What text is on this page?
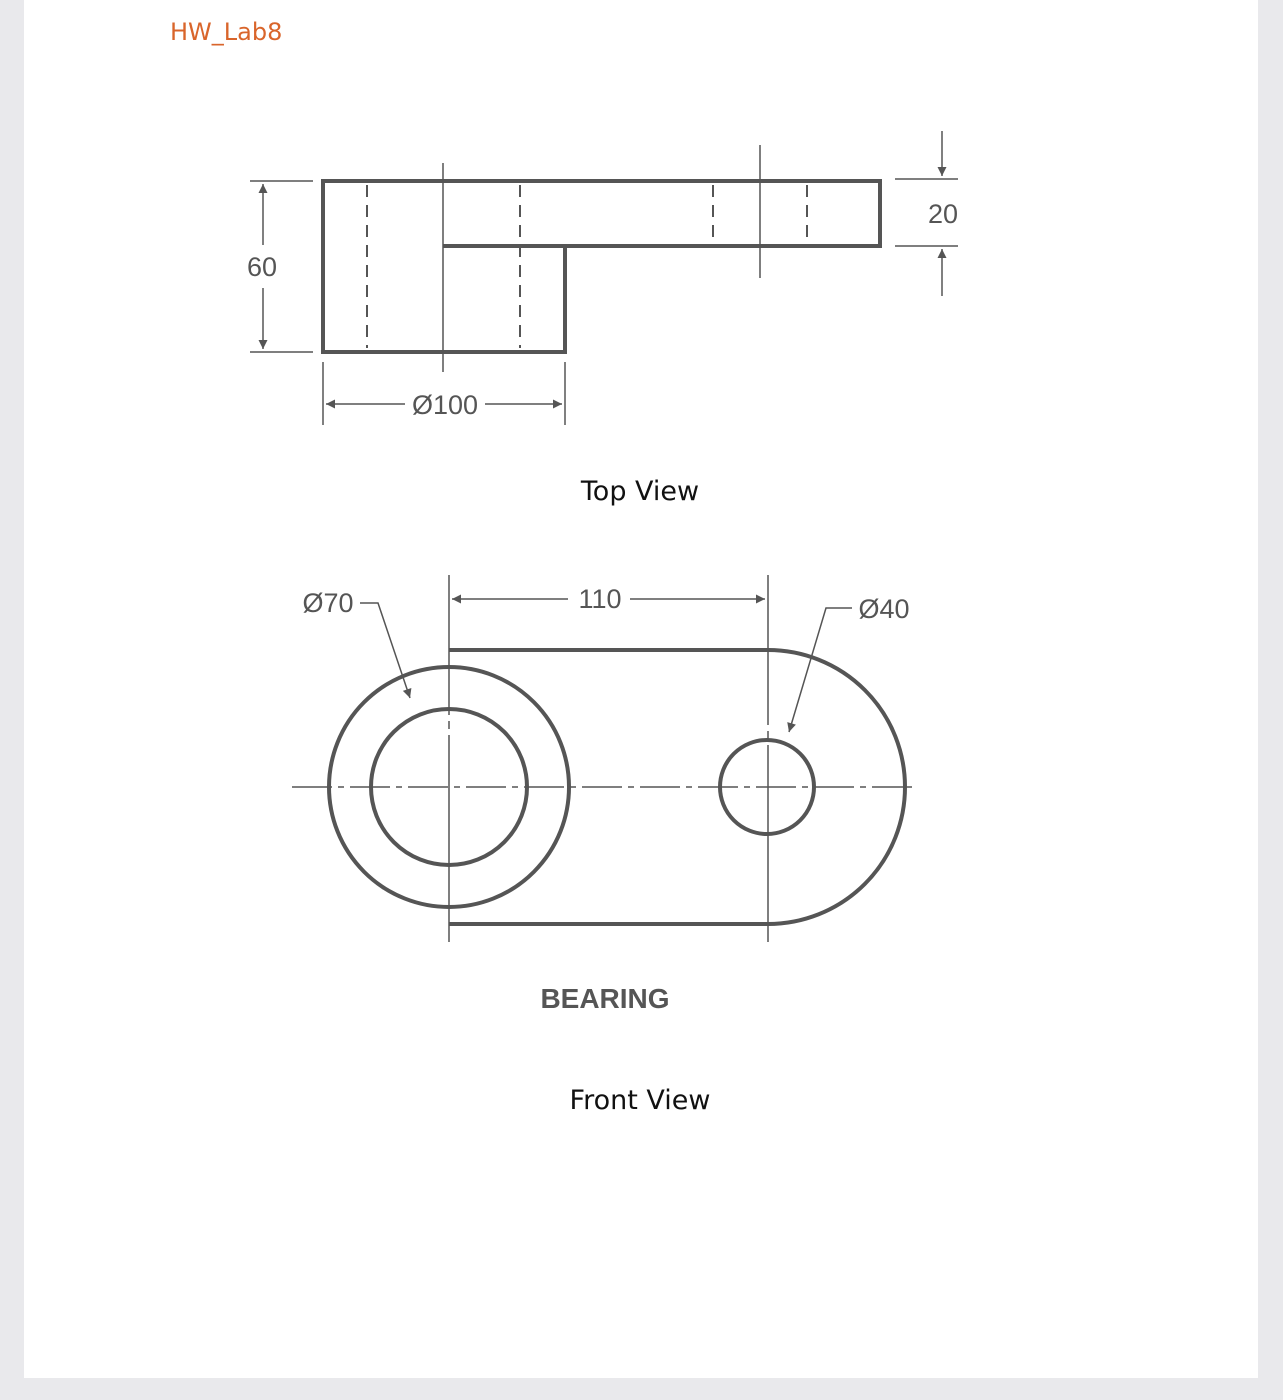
HW_Lab8
60
20
Ø100
110
Ø70	Ø40
Top View
BEARING
Front View
